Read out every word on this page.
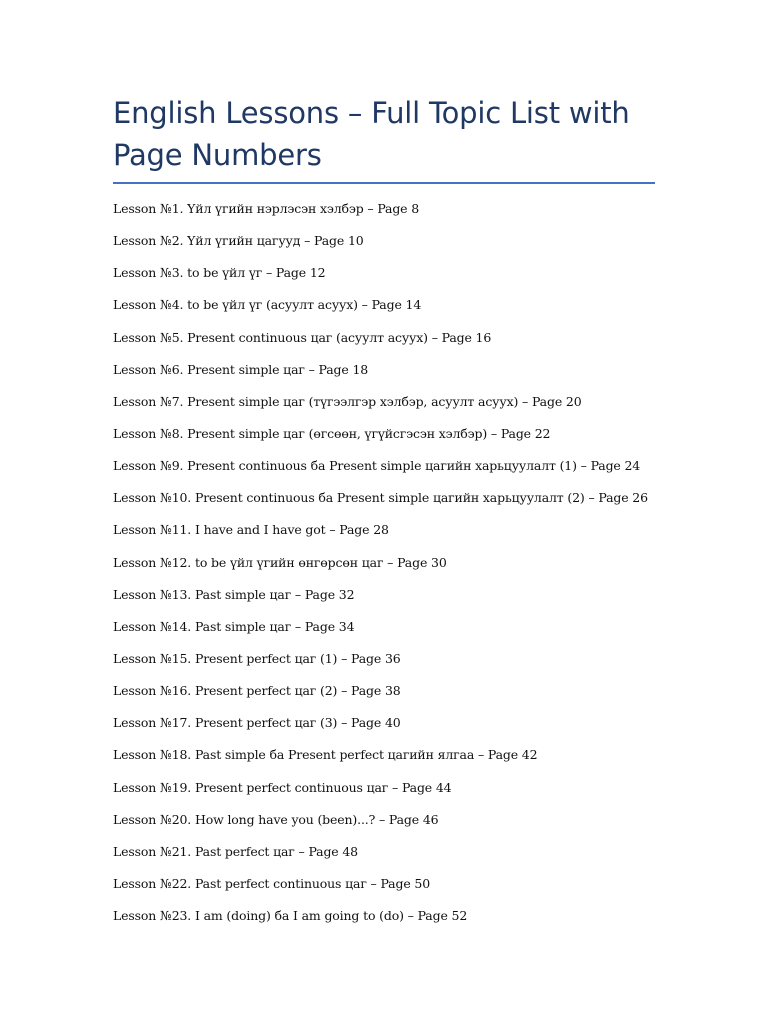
English Lessons – Full Topic List with Page Numbers
Lesson №1. Үйл үгийн нэрлэсэн хэлбэр – Page 8
Lesson №2. Үйл үгийн цагууд – Page 10
Lesson №3. to be үйл үг – Page 12
Lesson №4. to be үйл үг (асуулт асуух) – Page 14
Lesson №5. Present continuous цаг (асуулт асуух) – Page 16
Lesson №6. Present simple цаг – Page 18
Lesson №7. Present simple цаг (түгээлгэр хэлбэр, асуулт асуух) – Page 20
Lesson №8. Present simple цаг (өгсөөн, үгүйсгэсэн хэлбэр) – Page 22
Lesson №9. Present continuous ба Present simple цагийн харьцуулалт (1) – Page 24
Lesson №10. Present continuous ба Present simple цагийн харьцуулалт (2) – Page 26
Lesson №11. I have and I have got – Page 28
Lesson №12. to be үйл үгийн өнгөрсөн цаг – Page 30
Lesson №13. Past simple цаг – Page 32
Lesson №14. Past simple цаг – Page 34
Lesson №15. Present perfect цаг (1) – Page 36
Lesson №16. Present perfect цаг (2) – Page 38
Lesson №17. Present perfect цаг (3) – Page 40
Lesson №18. Past simple ба Present perfect цагийн ялгаа – Page 42
Lesson №19. Present perfect continuous цаг – Page 44
Lesson №20. How long have you (been)...? – Page 46
Lesson №21. Past perfect цаг – Page 48
Lesson №22. Past perfect continuous цаг – Page 50
Lesson №23. I am (doing) ба I am going to (do) – Page 52
